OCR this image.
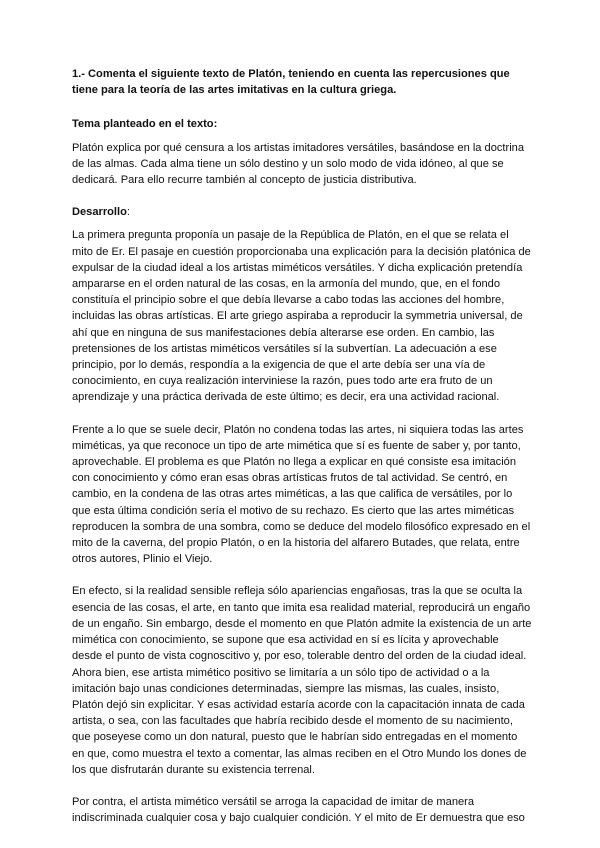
1.- Comenta el siguiente texto de Platón, teniendo en cuenta las repercusiones que tiene para la teoría de las artes imitativas en la cultura griega.
Tema planteado en el texto:

Platón explica por qué censura a los artistas imitadores versátiles, basándose en la doctrina de las almas. Cada alma tiene un sólo destino y un solo modo de vida idóneo, al que se dedicará. Para ello recurre también al concepto de justicia distributiva.

Desarrollo:

La primera pregunta proponía un pasaje de la República de Platón, en el que se relata el mito de Er. El pasaje en cuestión proporcionaba una explicación para la decisión platónica de expulsar de la ciudad ideal a los artistas miméticos versátiles. Y dicha explicación pretendía ampararse en el orden natural de las cosas, en la armonía del mundo, que, en el fondo constituía el principio sobre el que debía llevarse a cabo todas las acciones del hombre, incluidas las obras artísticas. El arte griego aspiraba a reproducir la symmetria universal, de ahí que en ninguna de sus manifestaciones debía alterarse ese orden. En cambio, las pretensiones de los artistas miméticos versátiles sí la subvertían. La adecuación a ese principio, por lo demás, respondía a la exigencia de que el arte debía ser una vía de conocimiento, en cuya realización interviniese la razón, pues todo arte era fruto de un aprendizaje y una práctica derivada de este último; es decir, era una actividad racional.

Frente a lo que se suele decir, Platón no condena todas las artes, ni siquiera todas las artes miméticas, ya que reconoce un tipo de arte mimética que sí es fuente de saber y, por tanto, aprovechable. El problema es que Platón no llega a explicar en qué consiste esa imitación con conocimiento y cómo eran esas obras artísticas frutos de tal actividad. Se centró, en cambio, en la condena de las otras artes miméticas, a las que califica de versátiles, por lo que esta última condición sería el motivo de su rechazo. Es cierto que las artes miméticas reproducen la sombra de una sombra, como se deduce del modelo filosófico expresado en el mito de la caverna, del propio Platón, o en la historia del alfarero Butades, que relata, entre otros autores, Plinio el Viejo.

En efecto, si la realidad sensible refleja sólo apariencias engañosas, tras la que se oculta la esencia de las cosas, el arte, en tanto que imita esa realidad material, reproducirá un engaño de un engaño. Sin embargo, desde el momento en que Platón admite la existencia de un arte mimética con conocimiento, se supone que esa actividad en sí es lícita y aprovechable desde el punto de vista cognoscitivo y, por eso, tolerable dentro del orden de la ciudad ideal. Ahora bien, ese artista mimético positivo se limitaría a un sólo tipo de actividad o a la imitación bajo unas condiciones determinadas, siempre las mismas, las cuales, insisto, Platón dejó sin explicitar. Y esas actividad estaría acorde con la capacitación innata de cada artista, o sea, con las facultades que habría recibido desde el momento de su nacimiento, que poseyese como un don natural, puesto que le habrían sido entregadas en el momento en que, como muestra el texto a comentar, las almas reciben en el Otro Mundo los dones de los que disfrutarán durante su existencia terrenal.

Por contra, el artista mimético versátil se arroga la capacidad de imitar de manera indiscriminada cualquier cosa y bajo cualquier condición. Y el mito de Er demuestra que eso
